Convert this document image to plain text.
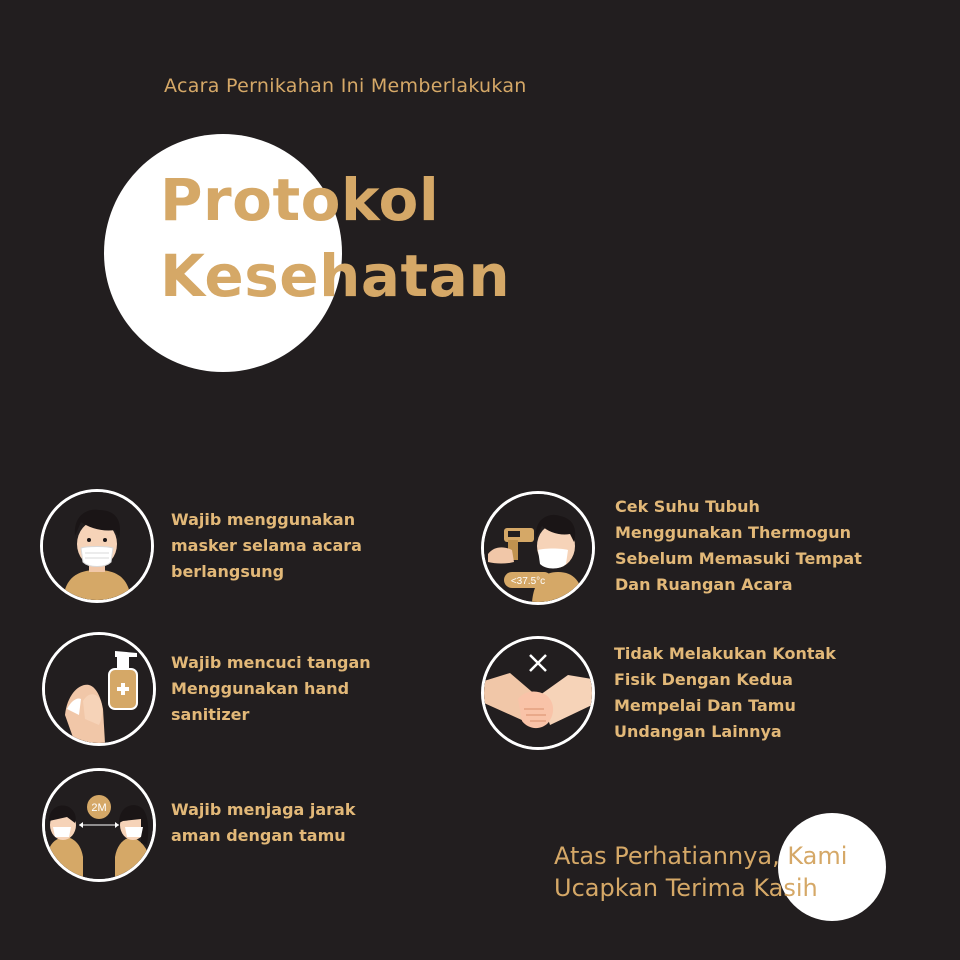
Acara Pernikahan Ini Memberlakukan
Protokol
Kesehatan
Wajib menggunakan
masker selama acara
berlangsung
Wajib mencuci tangan
Menggunakan hand
sanitizer
2M	Wajib menjaga jarak
aman dengan tamu
<37.5°c
Cek Suhu Tubuh
Menggunakan Thermogun
Sebelum Memasuki Tempat
Dan Ruangan Acara
Tidak Melakukan Kontak
Fisik Dengan Kedua
Mempelai Dan Tamu
Undangan Lainnya
Atas Perhatiannya, Kami
Ucapkan Terima Kasih
